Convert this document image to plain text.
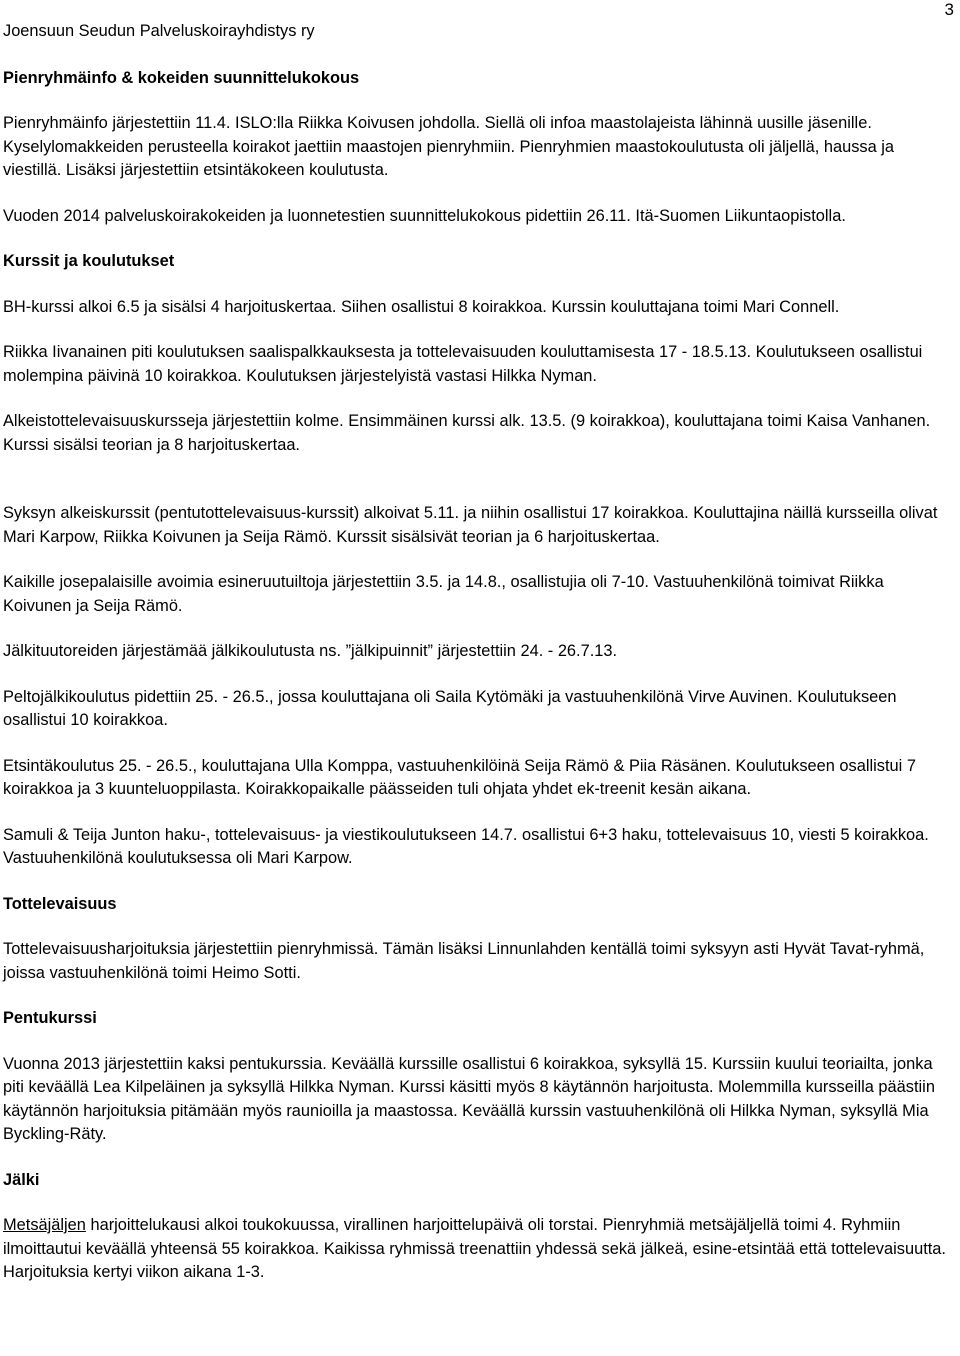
3
Joensuun Seudun Palveluskoirayhdistys ry
Pienryhmäinfo & kokeiden suunnittelukokous

Pienryhmäinfo järjestettiin 11.4. ISLO:lla Riikka Koivusen johdolla. Siellä oli infoa maastolajeista lähinnä uusille jäsenille. Kyselylomakkeiden perusteella koirakot jaettiin maastojen pienryhmiin. Pienryhmien maastokoulutusta oli jäljellä, haussa ja viestillä. Lisäksi järjestettiin etsintäkokeen koulutusta.

Vuoden 2014 palveluskoirakokeiden ja luonnetestien suunnittelukokous pidettiin 26.11. Itä-Suomen Liikuntaopistolla.

Kurssit ja koulutukset

BH-kurssi alkoi 6.5 ja sisälsi 4 harjoituskertaa. Siihen osallistui 8 koirakkoa. Kurssin kouluttajana toimi Mari Connell.

Riikka Iivanainen piti koulutuksen saalispalkkauksesta ja tottelevaisuuden kouluttamisesta 17 - 18.5.13. Koulutukseen osallistui molempina päivinä 10 koirakkoa. Koulutuksen järjestelyistä vastasi Hilkka Nyman.

Alkeistottelevaisuuskursseja järjestettiin kolme. Ensimmäinen kurssi alk. 13.5. (9 koirakkoa), kouluttajana toimi Kaisa Vanhanen. Kurssi sisälsi teorian ja 8 harjoituskertaa.

Syksyn alkeiskurssit (pentutottelevaisuus-kurssit) alkoivat 5.11. ja niihin osallistui 17 koirakkoa. Kouluttajina näillä kursseilla olivat Mari Karpow, Riikka Koivunen ja Seija Rämö. Kurssit sisälsivät teorian ja 6 harjoituskertaa.

Kaikille josepalaisille avoimia esineruutuiltoja järjestettiin 3.5. ja 14.8., osallistujia oli 7-10. Vastuuhenkilönä toimivat Riikka Koivunen ja Seija Rämö.

Jälkituutoreiden järjestämää jälkikoulutusta ns. ”jälkipuinnit” järjestettiin 24. - 26.7.13.

Peltojälkikoulutus pidettiin 25. - 26.5., jossa kouluttajana oli Saila Kytömäki ja vastuuhenkilönä Virve Auvinen. Koulutukseen osallistui 10 koirakkoa.

Etsintäkoulutus 25. - 26.5., kouluttajana Ulla Komppa, vastuuhenkilöinä Seija Rämö & Piia Räsänen. Koulutukseen osallistui 7 koirakkoa ja 3 kuunteluoppilasta. Koirakkopaikalle päässeiden tuli ohjata yhdet ek-treenit kesän aikana.

Samuli & Teija Junton haku-, tottelevaisuus- ja viestikoulutukseen 14.7. osallistui 6+3 haku, tottelevaisuus 10, viesti 5 koirakkoa. Vastuuhenkilönä koulutuksessa oli Mari Karpow.

Tottelevaisuus

Tottelevaisuusharjoituksia järjestettiin pienryhmissä. Tämän lisäksi Linnunlahden kentällä toimi syksyyn asti Hyvät Tavat-ryhmä, joissa vastuuhenkilönä toimi Heimo Sotti.

Pentukurssi

Vuonna 2013 järjestettiin kaksi pentukurssia. Keväällä kurssille osallistui 6 koirakkoa, syksyllä 15. Kurssiin kuului teoriailta, jonka piti keväällä Lea Kilpeläinen ja syksyllä Hilkka Nyman. Kurssi käsitti myös 8 käytännön harjoitusta. Molemmilla kursseilla päästiin käytännön harjoituksia pitämään myös raunioilla ja maastossa. Keväällä kurssin vastuuhenkilönä oli Hilkka Nyman, syksyllä Mia Byckling-Räty.

Jälki

Metsäjäljen harjoittelukausi alkoi toukokuussa, virallinen harjoittelupäivä oli torstai. Pienryhmiä metsäjäljellä toimi 4. Ryhmiin ilmoittautui keväällä yhteensä 55 koirakkoa. Kaikissa ryhmissä treenattiin yhdessä sekä jälkeä, esine-etsintää että tottelevaisuutta. Harjoituksia kertyi viikon aikana 1-3.
